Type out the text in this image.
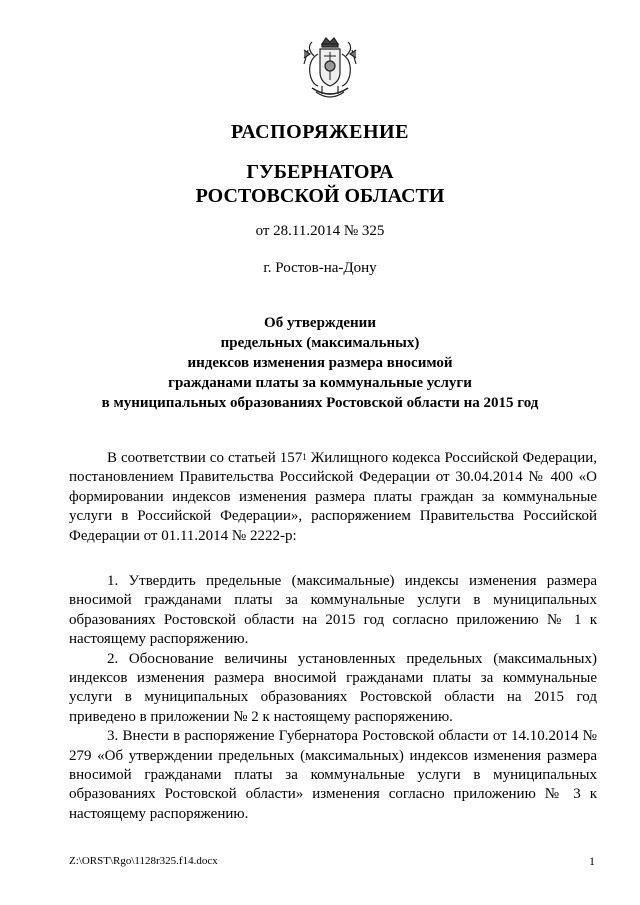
РАСПОРЯЖЕНИЕ
ГУБЕРНАТОРА
РОСТОВСКОЙ ОБЛАСТИ
от 28.11.2014 № 325
г. Ростов-на-Дону
Об утверждении
предельных (максимальных)
индексов изменения размера вносимой
гражданами платы за коммунальные услуги
в муниципальных образованиях Ростовской области на 2015 год

В соответствии со статьей $157^1$ Жилищного кодекса Российской Федерации, постановлением Правительства Российской Федерации от 30.04.2014 № 400 «О формировании индексов изменения размера платы граждан за коммунальные услуги в Российской Федерации», распоряжением Правительства Российской Федерации от 01.11.2014 № 2222-р:

1. Утвердить предельные (максимальные) индексы изменения размера вносимой гражданами платы за коммунальные услуги в муниципальных образованиях Ростовской области на 2015 год согласно приложению № 1 к настоящему распоряжению.

2. Обоснование величины установленных предельных (максимальных) индексов изменения размера вносимой гражданами платы за коммунальные услуги в муниципальных образованиях Ростовской области на 2015 год приведено в приложении № 2 к настоящему распоряжению.

3. Внести в распоряжение Губернатора Ростовской области от 14.10.2014 № 279 «Об утверждении предельных (максимальных) индексов изменения размера вносимой гражданами платы за коммунальные услуги в муниципальных образованиях Ростовской области» изменения согласно приложению № 3 к настоящему распоряжению.

Z:\ORST\Rgo\1128r325.f14.docx	1
